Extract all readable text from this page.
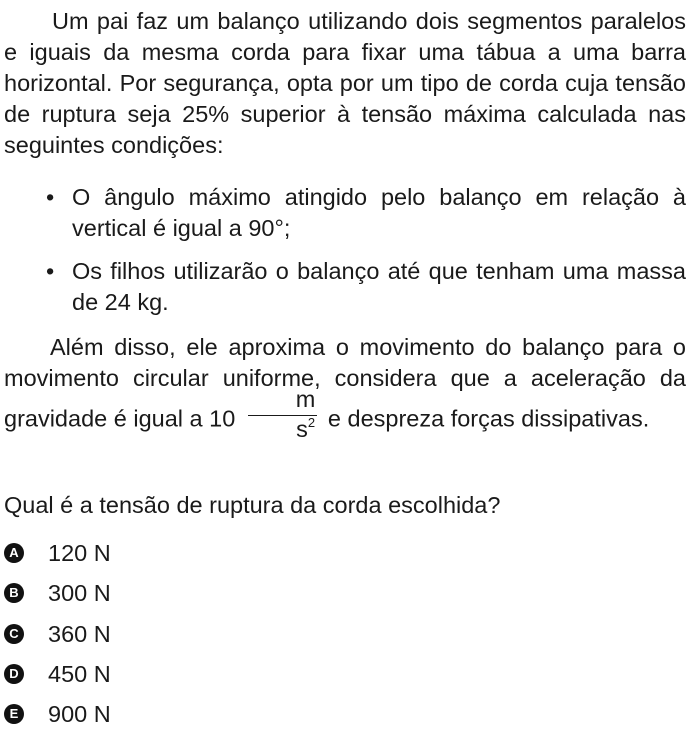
Um pai faz um balanço utilizando dois segmentos paralelos e iguais da mesma corda para fixar uma tábua a uma barra horizontal. Por segurança, opta por um tipo de corda cuja tensão de ruptura seja 25% superior à tensão máxima calculada nas seguintes condições:

• O ângulo máximo atingido pelo balanço em relação à vertical é igual a 90°;
• Os filhos utilizarão o balanço até que tenham uma massa de 24 kg.

Além disso, ele aproxima o movimento do balanço para o movimento circular uniforme, considera que a aceleração da gravidade é igual a $10 \frac{m}{s^2}$ e despreza forças dissipativas.

Qual é a tensão de ruptura da corda escolhida?
A 120 N
B 300 N
C 360 N
D 450 N
E 900 N
